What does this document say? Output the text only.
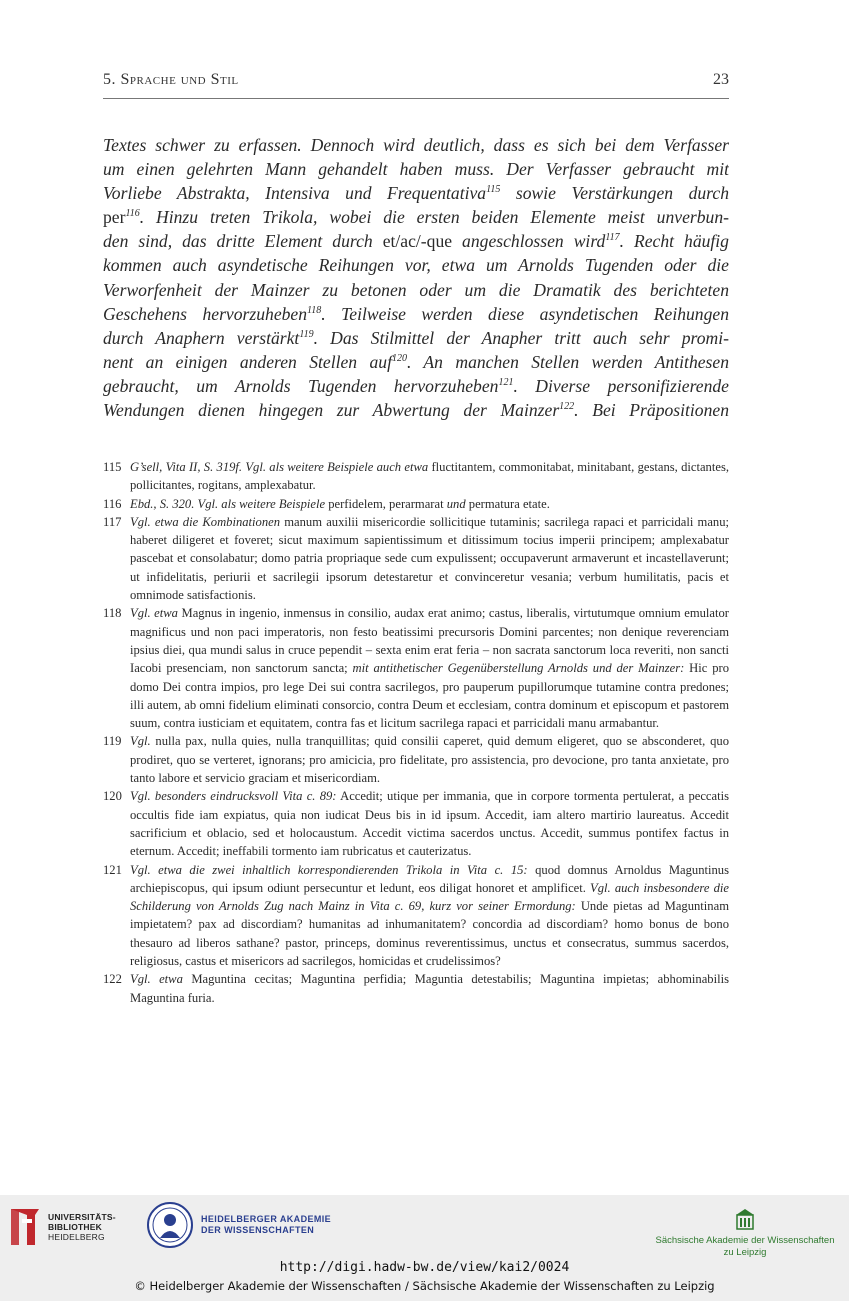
5. Sprache und Stil	23
Textes schwer zu erfassen. Dennoch wird deutlich, dass es sich bei dem Verfasser
um einen gelehrten Mann gehandelt haben muss. Der Verfasser gebraucht mit
Vorliebe Abstrakta, Intensiva und Frequentativa$^{115}$ sowie Verstärkungen durch
per$^{116}$. Hinzu treten Trikola, wobei die ersten beiden Elemente meist unverbun-
den sind, das dritte Element durch et/ac/-que angeschlossen wird$^{117}$. Recht häufig
kommen auch asyndetische Reihungen vor, etwa um Arnolds Tugenden oder die
Verworfenheit der Mainzer zu betonen oder um die Dramatik des berichteten
Geschehens hervorzuheben$^{118}$. Teilweise werden diese asyndetischen Reihungen
durch Anaphern verstärkt$^{119}$. Das Stilmittel der Anapher tritt auch sehr promi-
nent an einigen anderen Stellen auf$^{120}$. An manchen Stellen werden Antithesen
gebraucht, um Arnolds Tugenden hervorzuheben$^{121}$. Diverse personifizierende
Wendungen dienen hingegen zur Abwertung der Mainzer$^{122}$. Bei Präpositionen
115 G’sell, Vita II, S. 319f. Vgl. als weitere Beispiele auch etwa fluctitantem, commonitabat, minitabant, gestans, dictantes, pollicitantes, rogitans, amplexabatur.
116 Ebd., S. 320. Vgl. als weitere Beispiele perfidelem, perarmarat und permatura etate.
117 Vgl. etwa die Kombinationen manum auxilii misericordie sollicitique tutaminis; sacrilega rapaci et parricidali manu; haberet diligeret et foveret; sicut maximum sapientissimum et ditissimum tocius imperii principem; amplexabatur pascebat et consolabatur; domo patria propriaque sede cum expulissent; occupaverunt armaverunt et incastellaverunt; ut infidelitatis, periurii et sacrilegii ipsorum detestaretur et convinceretur vesania; verbum humilitatis, pacis et omnimode satisfactionis.
118 Vgl. etwa Magnus in ingenio, inmensus in consilio, audax erat animo; castus, liberalis, virtutumque omnium emulator magnificus und non paci imperatoris, non festo beatissimi precursoris Domini parcentes; non denique reverenciam ipsius diei, qua mundi salus in cruce pependit – sexta enim erat feria – non sacrata sanctorum loca reveriti, non sancti Iacobi presenciam, non sanctorum sancta; mit antithetischer Gegenüberstellung Arnolds und der Mainzer: Hic pro domo Dei contra impios, pro lege Dei sui contra sacrilegos, pro pauperum pupillorumque tutamine contra predones; illi autem, ab omni fidelium eliminati consorcio, contra Deum et ecclesiam, contra dominum et episcopum et pastorem suum, contra iusticiam et equitatem, contra fas et licitum sacrilega rapaci et parricidali manu armabantur.
119 Vgl. nulla pax, nulla quies, nulla tranquillitas; quid consilii caperet, quid demum eligeret, quo se absconderet, quo prodiret, quo se verteret, ignorans; pro amicicia, pro fidelitate, pro assistencia, pro devocione, pro tanta anxietate, pro tanto labore et servicio graciam et misericordiam.
120 Vgl. besonders eindrucksvoll Vita c. 89: Accedit; utique per immania, que in corpore tormenta pertulerat, a peccatis occultis fide iam expiatus, quia non iudicat Deus bis in id ipsum. Accedit, iam altero martirio laureatus. Accedit sacrificium et oblacio, sed et holocaustum. Accedit victima sacerdos unctus. Accedit, summus pontifex factus in eternum. Accedit; ineffabili tormento iam rubricatus et cauterizatus.
121 Vgl. etwa die zwei inhaltlich korrespondierenden Trikola in Vita c. 15: quod domnus Arnoldus Maguntinus archiepiscopus, qui ipsum odiunt persecuntur et ledunt, eos diligat honoret et amplificet. Vgl. auch insbesondere die Schilderung von Arnolds Zug nach Mainz in Vita c. 69, kurz vor seiner Ermordung: Unde pietas ad Maguntinam impietatem? pax ad discordiam? humanitas ad inhumanitatem? concordia ad discordiam? homo bonus de bono thesauro ad liberos sathane? pastor, princeps, dominus reverentissimus, unctus et consecratus, summus sacerdos, religiosus, castus et misericors ad sacrilegos, homicidas et crudelissimos?
122 Vgl. etwa Maguntina cecitas; Maguntina perfidia; Maguntia detestabilis; Maguntina impietas; abhominabilis Maguntina furia.
UNIVERSITÄTS-
BIBLIOTHEK
HEIDELBERG
HEIDELBERGER AKADEMIE
DER WISSENSCHAFTEN
Sächsische Akademie der Wissenschaften
zu Leipzig
http://digi.hadw-bw.de/view/kai2/0024
© Heidelberger Akademie der Wissenschaften / Sächsische Akademie der Wissenschaften zu Leipzig
